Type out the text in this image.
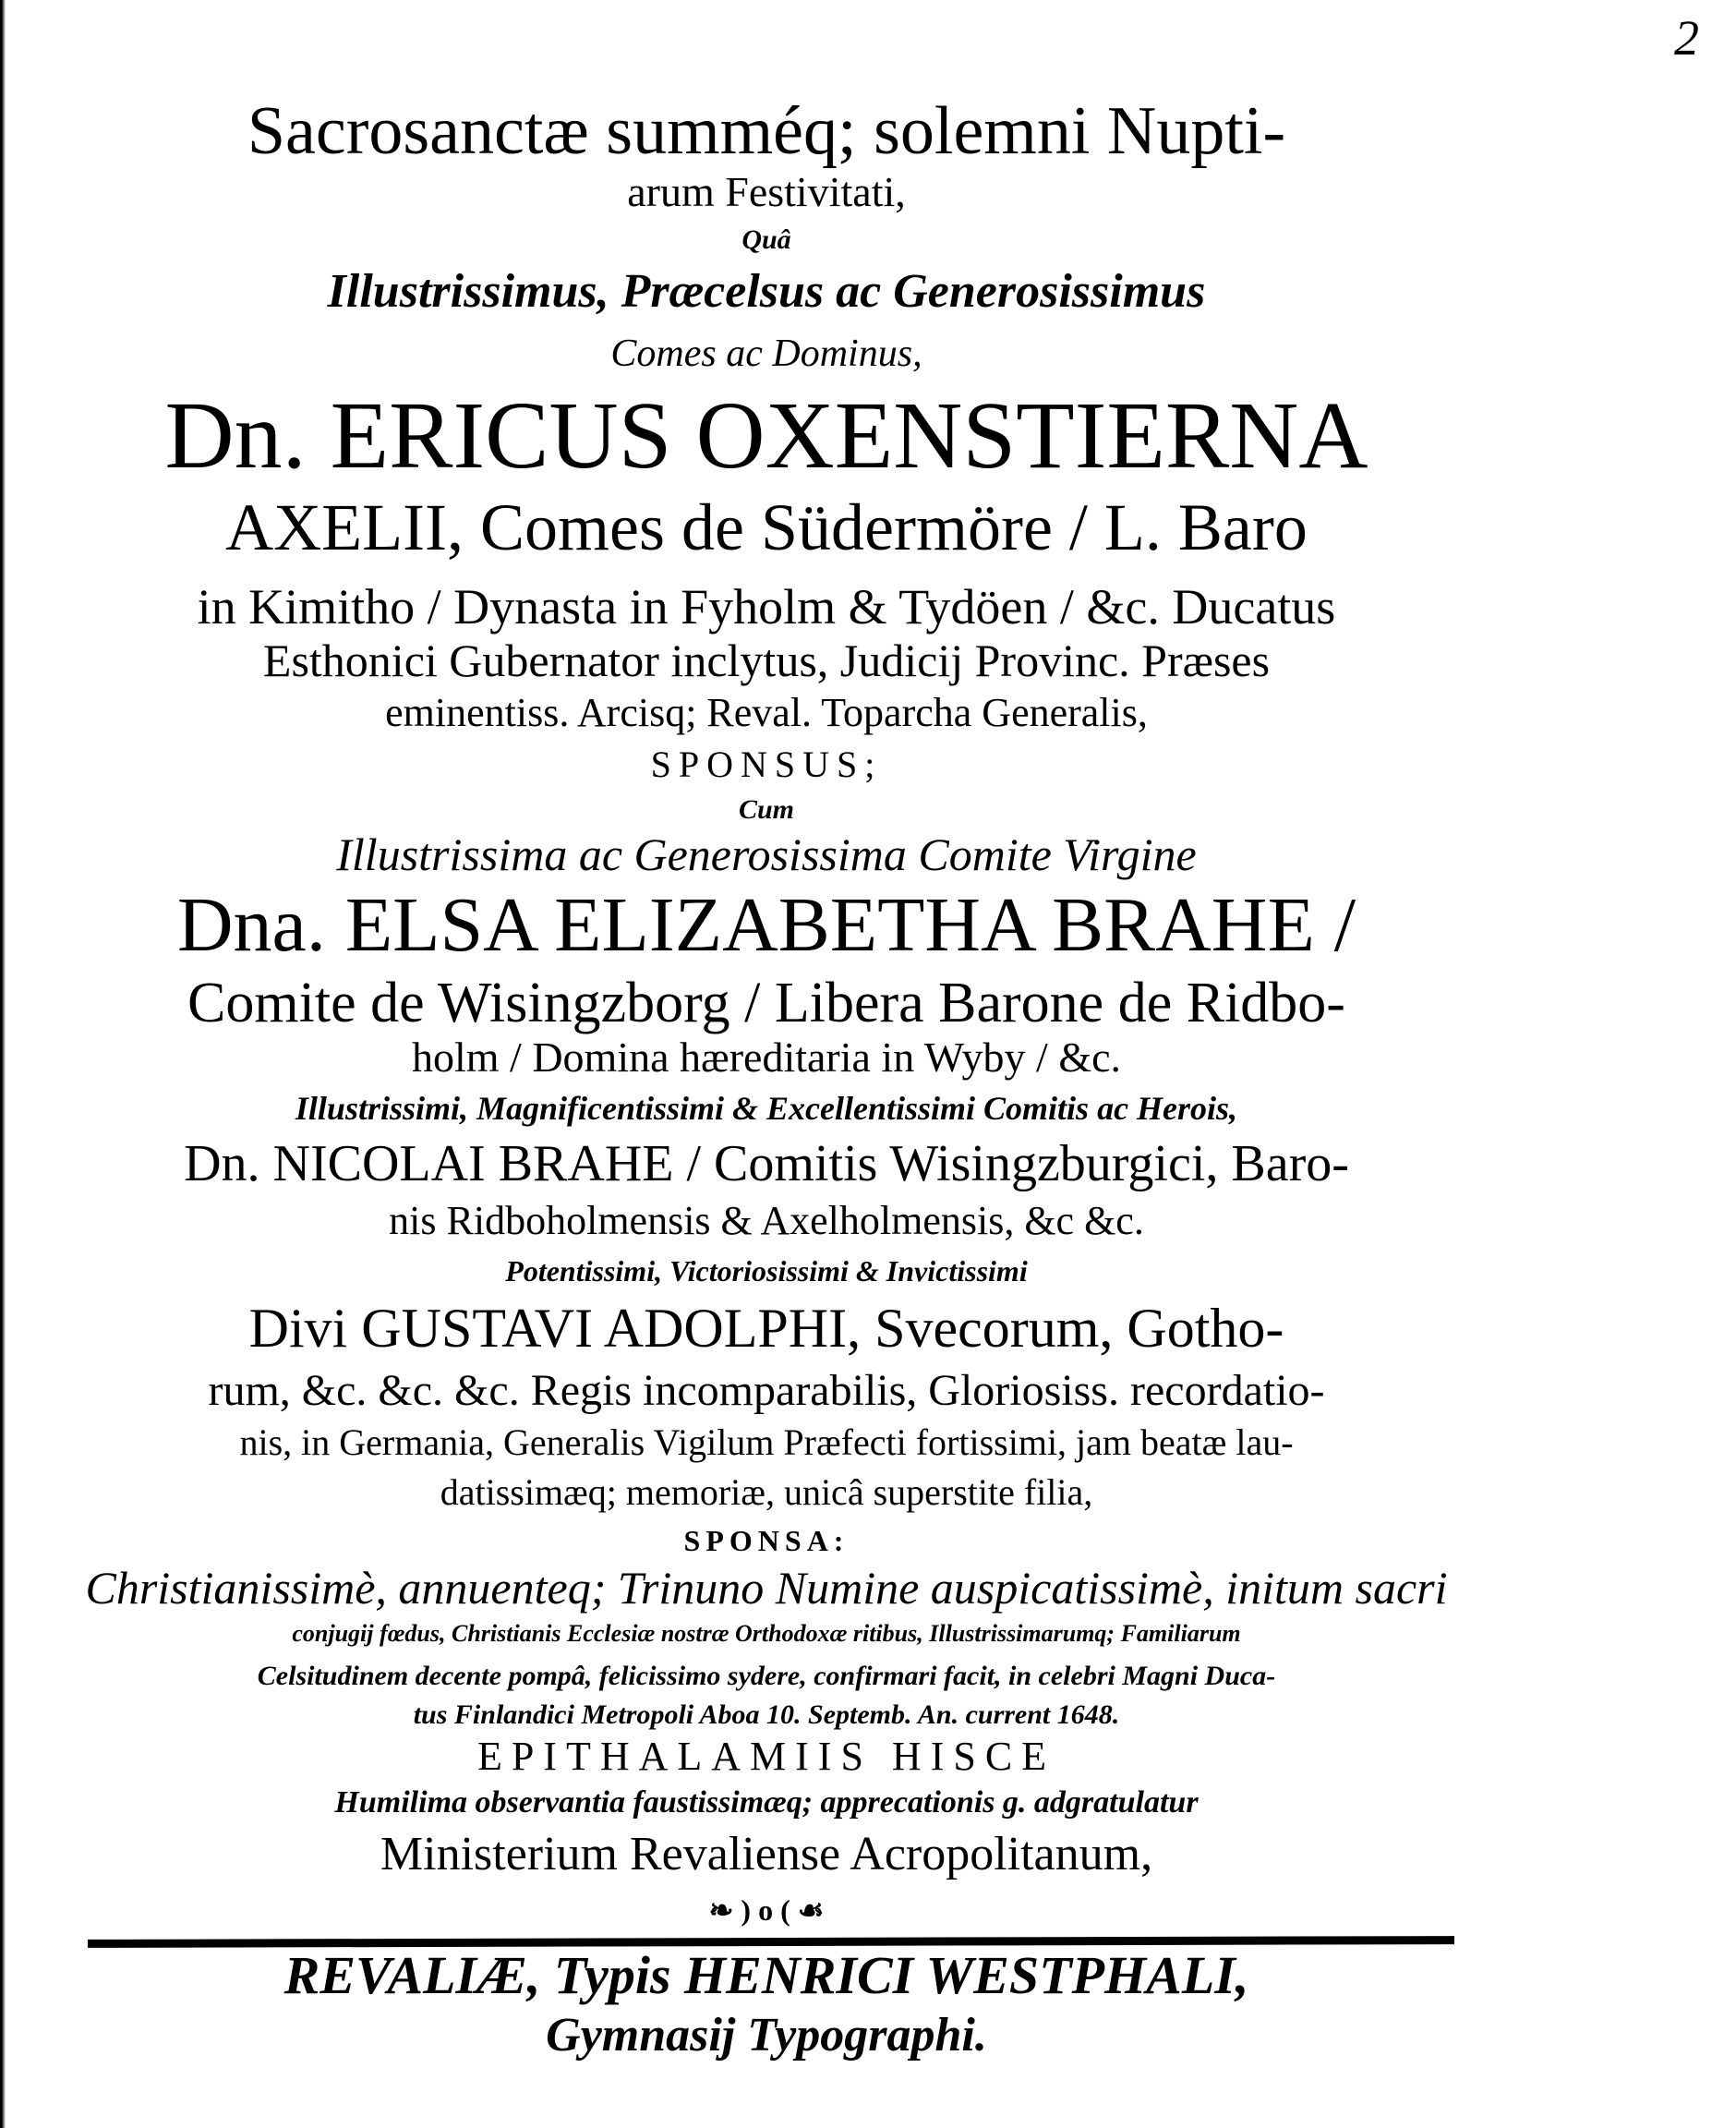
2
Sacrosanctæ summéq; solemni Nupti-
arum Festivitati,
Quâ
Illustrissimus, Præcelsus ac Generosissimus
Comes ac Dominus,
Dn. ERICUS OXENSTIERNA
AXELII, Comes de Südermöre / L. Baro
in Kimitho / Dynasta in Fyholm & Tydöen / &c. Ducatus
Esthonici Gubernator inclytus, Judicij Provinc. Præses
eminentiss. Arcisq; Reval. Toparcha Generalis,
SPONSUS;
Cum
Illustrissima ac Generosissima Comite Virgine
Dna. ELSA ELIZABETHA BRAHE /
Comite de Wisingzborg / Libera Barone de Ridbo-
holm / Domina hæreditaria in Wyby / &c.
Illustrissimi, Magnificentissimi & Excellentissimi Comitis ac Herois,
Dn. NICOLAI BRAHE / Comitis Wisingzburgici, Baro-
nis Ridboholmensis & Axelholmensis, &c &c.
Potentissimi, Victoriosissimi & Invictissimi
Divi GUSTAVI ADOLPHI, Svecorum, Gotho-
rum, &c. &c. &c. Regis incomparabilis, Gloriosiss. recordatio-
nis, in Germania, Generalis Vigilum Præfecti fortissimi, jam beatæ lau-
datissimæq; memoriæ, unicâ superstite filia,
SPONSA:
Christianissimè, annuenteq; Trinuno Numine auspicatissimè, initum sacri
conjugij fœdus, Christianis Ecclesiæ nostræ Orthodoxæ ritibus, Illustrissimarumq; Familiarum
Celsitudinem decente pompâ, felicissimo sydere, confirmari facit, in celebri Magni Duca-
tus Finlandici Metropoli Aboa 10. Septemb. An. current 1648.
EPITHALAMIIS HISCE
Humilima observantia faustissimæq; apprecationis g. adgratulatur
Ministerium Revaliense Acropolitanum,
❧ ) o ( ☙
REVALIÆ, Typis HENRICI WESTPHALI,
Gymnasij Typographi.
